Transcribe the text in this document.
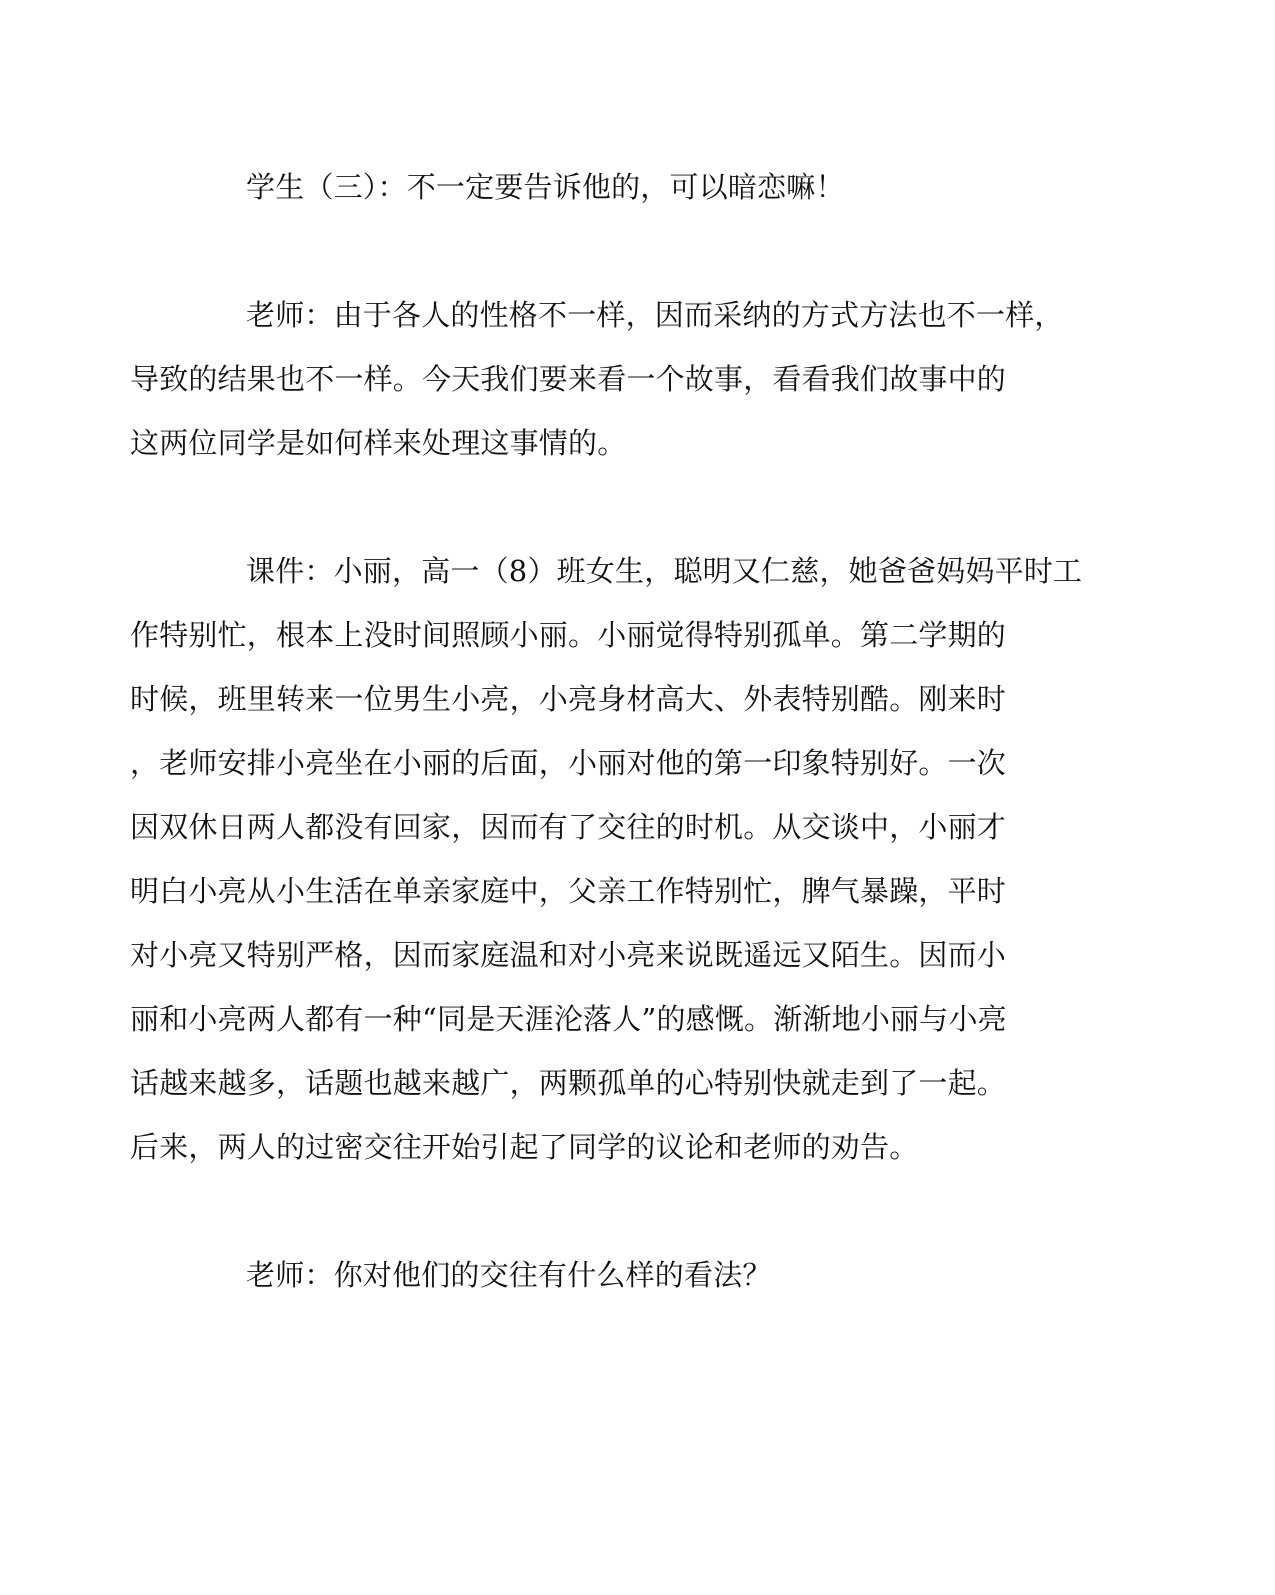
学生（三）：不一定要告诉他的，可以暗恋嘛！
老师：由于各人的性格不一样，因而采纳的方式方法也不一样，
导致的结果也不一样。今天我们要来看一个故事，看看我们故事中的
这两位同学是如何样来处理这事情的。
课件：小丽，高一（8）班女生，聪明又仁慈，她爸爸妈妈平时工
作特别忙，根本上没时间照顾小丽。小丽觉得特别孤单。第二学期的
时候，班里转来一位男生小亮，小亮身材高大、外表特别酷。刚来时
，老师安排小亮坐在小丽的后面，小丽对他的第一印象特别好。一次
因双休日两人都没有回家，因而有了交往的时机。从交谈中，小丽才
明白小亮从小生活在单亲家庭中，父亲工作特别忙，脾气暴躁，平时
对小亮又特别严格，因而家庭温和对小亮来说既遥远又陌生。因而小
丽和小亮两人都有一种“同是天涯沦落人”的感慨。渐渐地小丽与小亮
话越来越多，话题也越来越广，两颗孤单的心特别快就走到了一起。
后来，两人的过密交往开始引起了同学的议论和老师的劝告。
老师：你对他们的交往有什么样的看法？
